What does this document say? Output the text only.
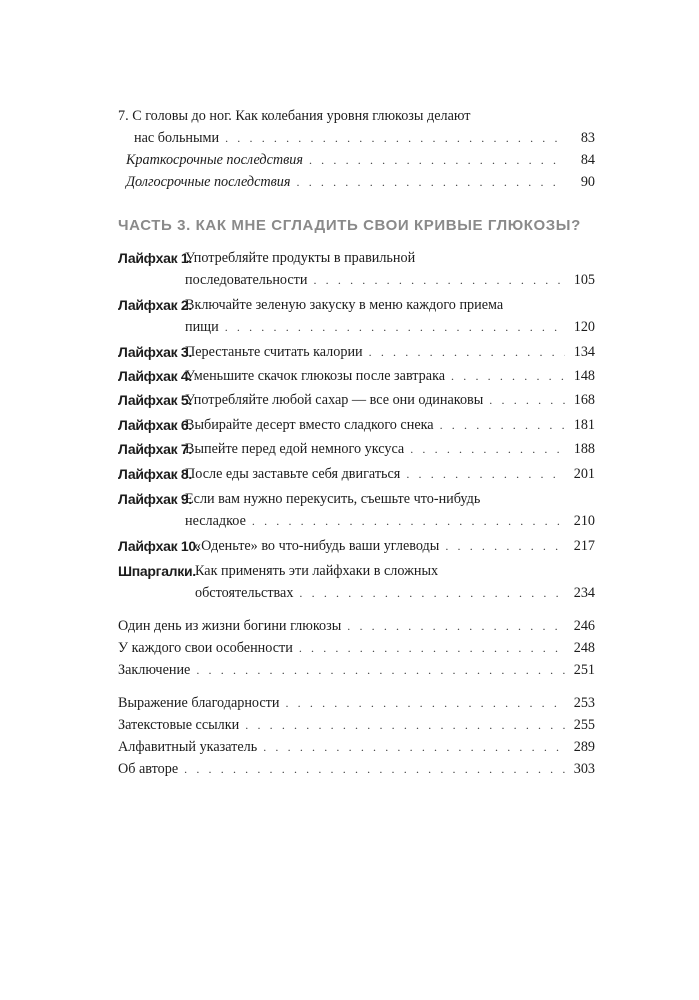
7. С головы до ног. Как колебания уровня глюкозы делают
нас больными . . .	83
Краткосрочные последствия . . .	84
Долгосрочные последствия . . .	90
ЧАСТЬ 3. КАК МНЕ СГЛАДИТЬ СВОИ КРИВЫЕ ГЛЮКОЗЫ?
Лайфхак 1.
Употребляйте продукты в правильной
последовательности . . .	105
Лайфхак 2.
Включайте зеленую закуску в меню каждого приема
пищи . . .	120
Лайфхак 3.
Перестаньте считать калории . . .	134
Лайфхак 4.
Уменьшите скачок глюкозы после завтрака . . .	148
Лайфхак 5.
Употребляйте любой сахар — все они одинаковы . . .	168
Лайфхак 6.
Выбирайте десерт вместо сладкого снека . . .	181
Лайфхак 7.
Выпейте перед едой немного уксуса . . .	188
Лайфхак 8.
После еды заставьте себя двигаться . . .	201
Лайфхак 9.
Если вам нужно перекусить, съешьте что-нибудь
несладкое . . .	210
Лайфхак 10.
«Оденьте» во что-нибудь ваши углеводы . . .	217
Шпаргалки. Как применять эти лайфхаки в сложных
обстоятельствах . . .	234
Один день из жизни богини глюкозы . . .	246
У каждого свои особенности . . .	248
Заключение . . .	251
Выражение благодарности . . .	253
Затекстовые ссылки . . .	255
Алфавитный указатель . . .	289
Об авторе . . .	303
